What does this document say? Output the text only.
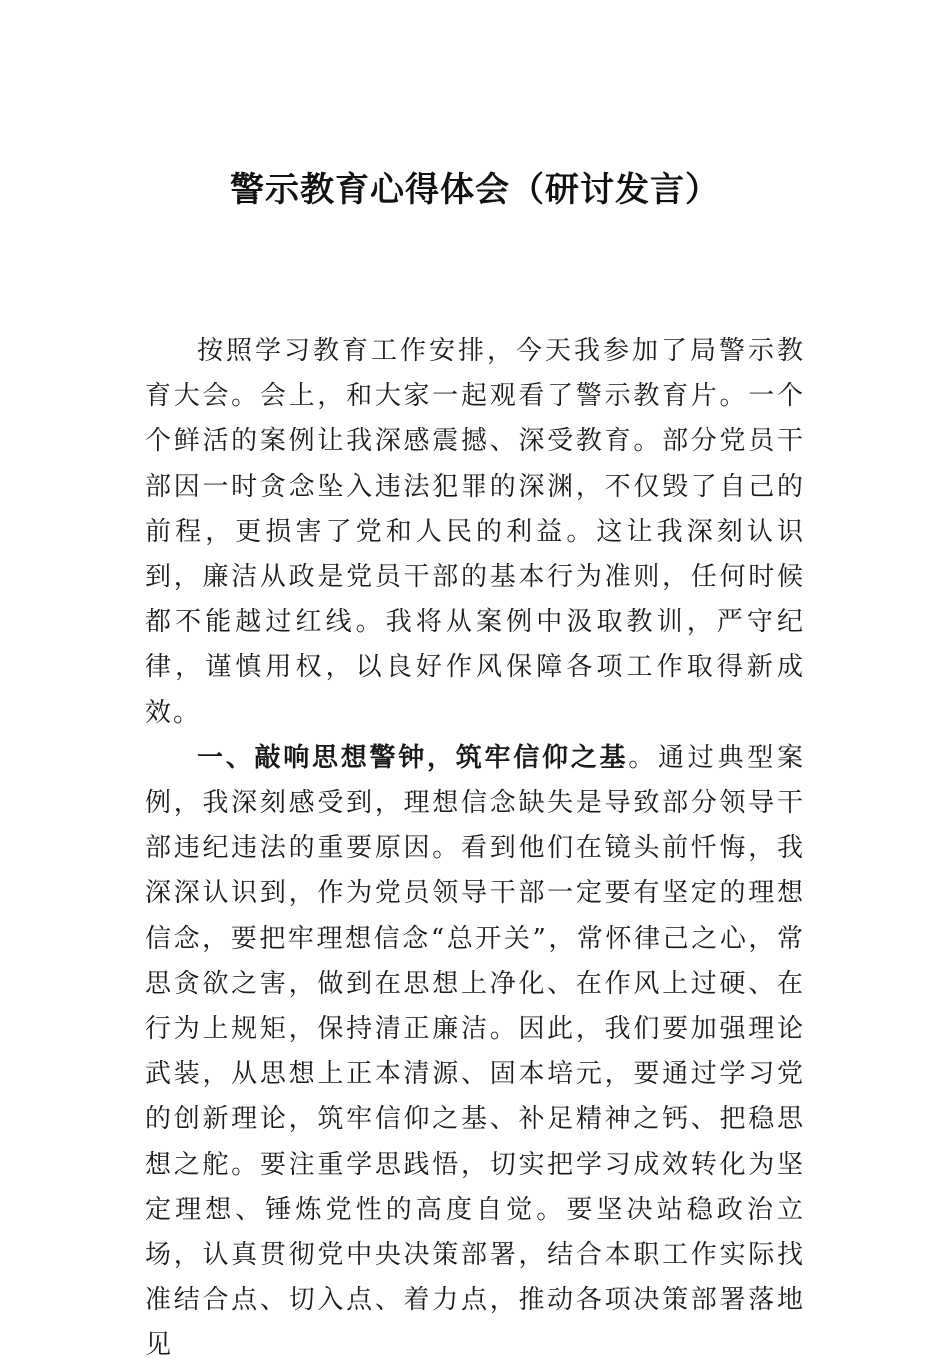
警示教育心得体会（研讨发言）

按照学习教育工作安排，今天我参加了局警示教育大会。会上，和大家一起观看了警示教育片。一个个鲜活的案例让我深感震撼、深受教育。部分党员干部因一时贪念坠入违法犯罪的深渊，不仅毁了自己的前程，更损害了党和人民的利益。这让我深刻认识到，廉洁从政是党员干部的基本行为准则，任何时候都不能越过红线。我将从案例中汲取教训，严守纪律，谨慎用权，以良好作风保障各项工作取得新成效。

一、敲响思想警钟，筑牢信仰之基。通过典型案例，我深刻感受到，理想信念缺失是导致部分领导干部违纪违法的重要原因。看到他们在镜头前忏悔，我深深认识到，作为党员领导干部一定要有坚定的理想信念，要把牢理想信念“总开关”，常怀律己之心，常思贪欲之害，做到在思想上净化、在作风上过硬、在行为上规矩，保持清正廉洁。因此，我们要加强理论武装，从思想上正本清源、固本培元，要通过学习党的创新理论，筑牢信仰之基、补足精神之钙、把稳思想之舵。要注重学思践悟，切实把学习成效转化为坚定理想、锤炼党性的高度自觉。要坚决站稳政治立场，认真贯彻党中央决策部署，结合本职工作实际找准结合点、切入点、着力点，推动各项决策部署落地见
